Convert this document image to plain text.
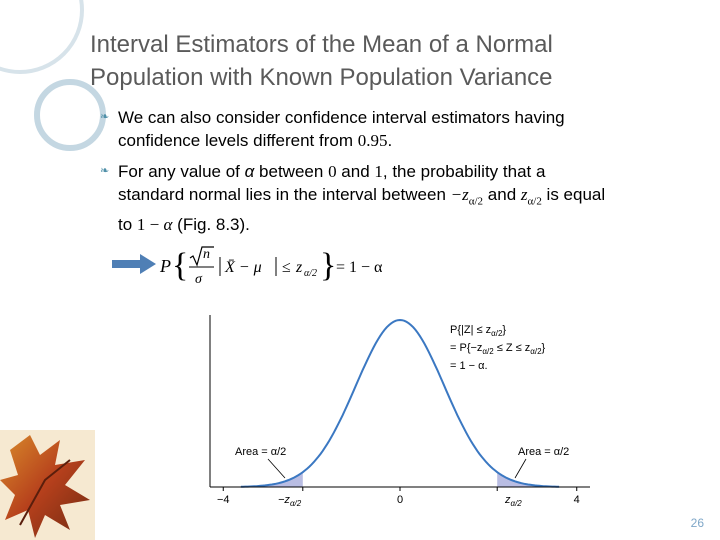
Interval Estimators of the Mean of a Normal
Population with Known Population Variance
❧ We can also consider confidence interval estimators having
confidence levels different from 0.95.
❧ For any value of α between 0 and 1, the probability that a
standard normal lies in the interval between $-z_{\alpha/2}$ and $z_{\alpha/2}$ is equal
to 1 − α (Fig. 8.3).
P { n
σ
X̄ − μ ≤ z α/2 } = 1 − α
−4	0	4
$P\{|Z| \le z_{\alpha/2}\}$
= $P\{-z_{\alpha/2} \le Z \le z_{\alpha/2}\}$
= 1 − α.
Area = α/2	Area = α/2
$-z_{\alpha/2}$	$z_{\alpha/2}$
26
